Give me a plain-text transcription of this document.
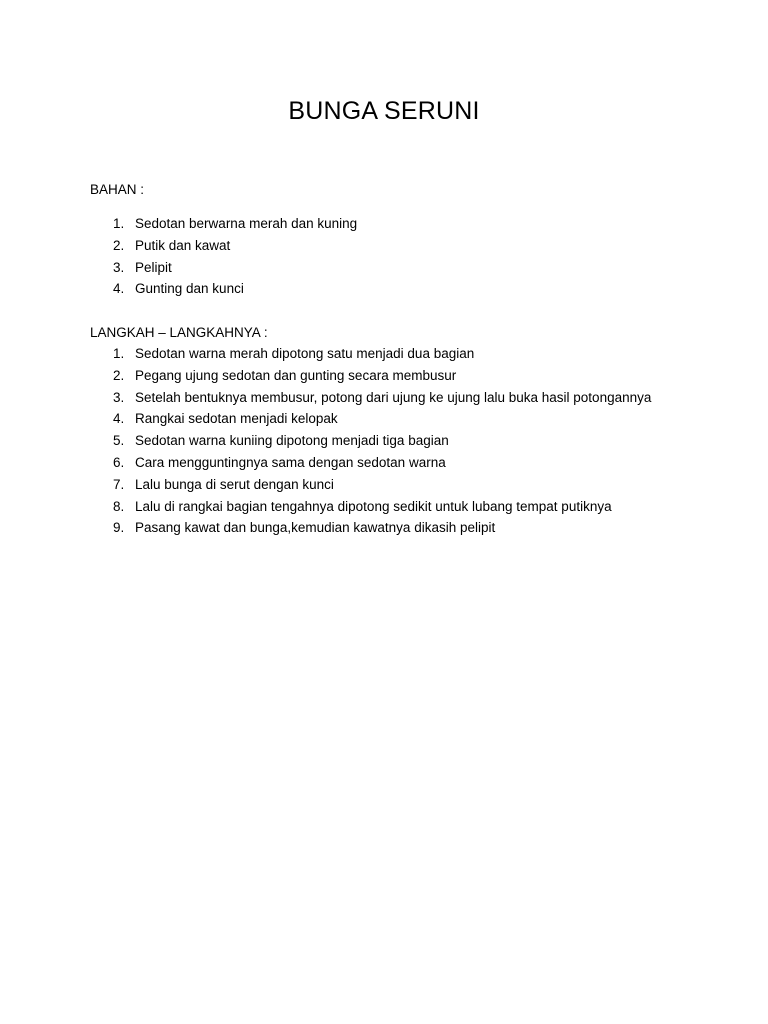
BUNGA SERUNI
BAHAN :
1. Sedotan berwarna merah dan kuning
2. Putik dan kawat
3. Pelipit
4. Gunting dan kunci
LANGKAH – LANGKAHNYA :
1. Sedotan warna merah dipotong satu menjadi dua bagian
2. Pegang ujung sedotan dan gunting secara membusur
3. Setelah bentuknya membusur, potong dari ujung ke ujung lalu buka hasil potongannya
4. Rangkai sedotan menjadi kelopak
5. Sedotan warna kuniing dipotong menjadi tiga bagian
6. Cara mengguntingnya sama dengan sedotan warna
7. Lalu bunga di serut dengan kunci
8. Lalu di rangkai bagian tengahnya dipotong sedikit untuk lubang tempat putiknya
9. Pasang kawat dan bunga,kemudian kawatnya dikasih pelipit
